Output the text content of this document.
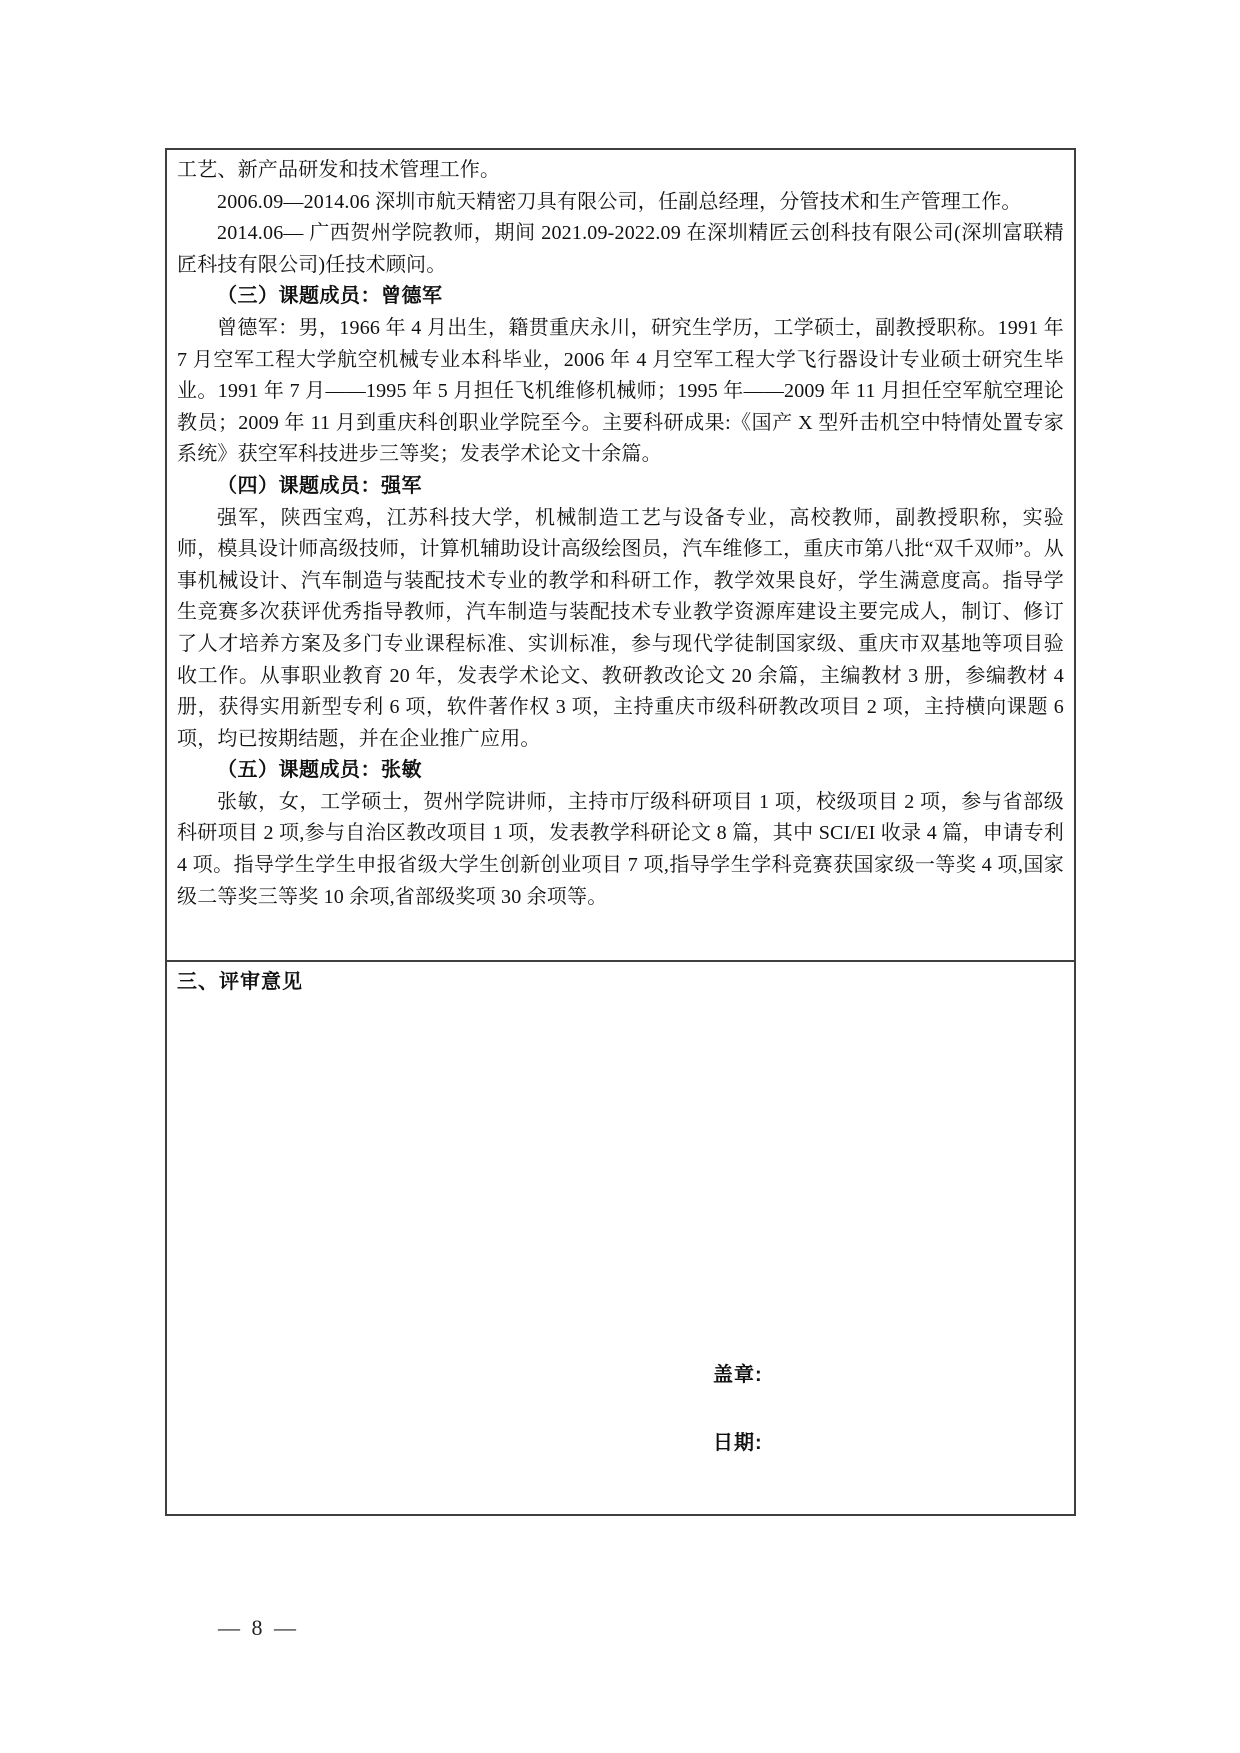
工艺、新产品研发和技术管理工作。

2006.09—2014.06 深圳市航天精密刀具有限公司，任副总经理，分管技术和生产管理工作。

2014.06— 广西贺州学院教师，期间 2021.09-2022.09 在深圳精匠云创科技有限公司(深圳富联精匠科技有限公司)任技术顾问。

（三）课题成员：曾德军

曾德军：男，1966 年 4 月出生，籍贯重庆永川，研究生学历，工学硕士，副教授职称。1991 年 7 月空军工程大学航空机械专业本科毕业，2006 年 4 月空军工程大学飞行器设计专业硕士研究生毕业。1991 年 7 月——1995 年 5 月担任飞机维修机械师；1995 年——2009 年 11 月担任空军航空理论教员；2009 年 11 月到重庆科创职业学院至今。主要科研成果:《国产 X 型歼击机空中特情处置专家系统》获空军科技进步三等奖；发表学术论文十余篇。

（四）课题成员：强军

强军，陕西宝鸡，江苏科技大学，机械制造工艺与设备专业，高校教师，副教授职称，实验师，模具设计师高级技师，计算机辅助设计高级绘图员，汽车维修工，重庆市第八批“双千双师”。从事机械设计、汽车制造与装配技术专业的教学和科研工作，教学效果良好，学生满意度高。指导学生竞赛多次获评优秀指导教师，汽车制造与装配技术专业教学资源库建设主要完成人，制订、修订了人才培养方案及多门专业课程标准、实训标准，参与现代学徒制国家级、重庆市双基地等项目验收工作。从事职业教育 20 年，发表学术论文、教研教改论文 20 余篇，主编教材 3 册，参编教材 4 册，获得实用新型专利 6 项，软件著作权 3 项，主持重庆市级科研教改项目 2 项，主持横向课题 6 项，均已按期结题，并在企业推广应用。

（五）课题成员：张敏

张敏，女，工学硕士，贺州学院讲师，主持市厅级科研项目 1 项，校级项目 2 项，参与省部级科研项目 2 项,参与自治区教改项目 1 项，发表教学科研论文 8 篇，其中 SCI/EI 收录 4 篇，申请专利 4 项。指导学生学生申报省级大学生创新创业项目 7 项,指导学生学科竞赛获国家级一等奖 4 项,国家级二等奖三等奖 10 余项,省部级奖项 30 余项等。

三、评审意见
盖章:
日期:
— 8 —
